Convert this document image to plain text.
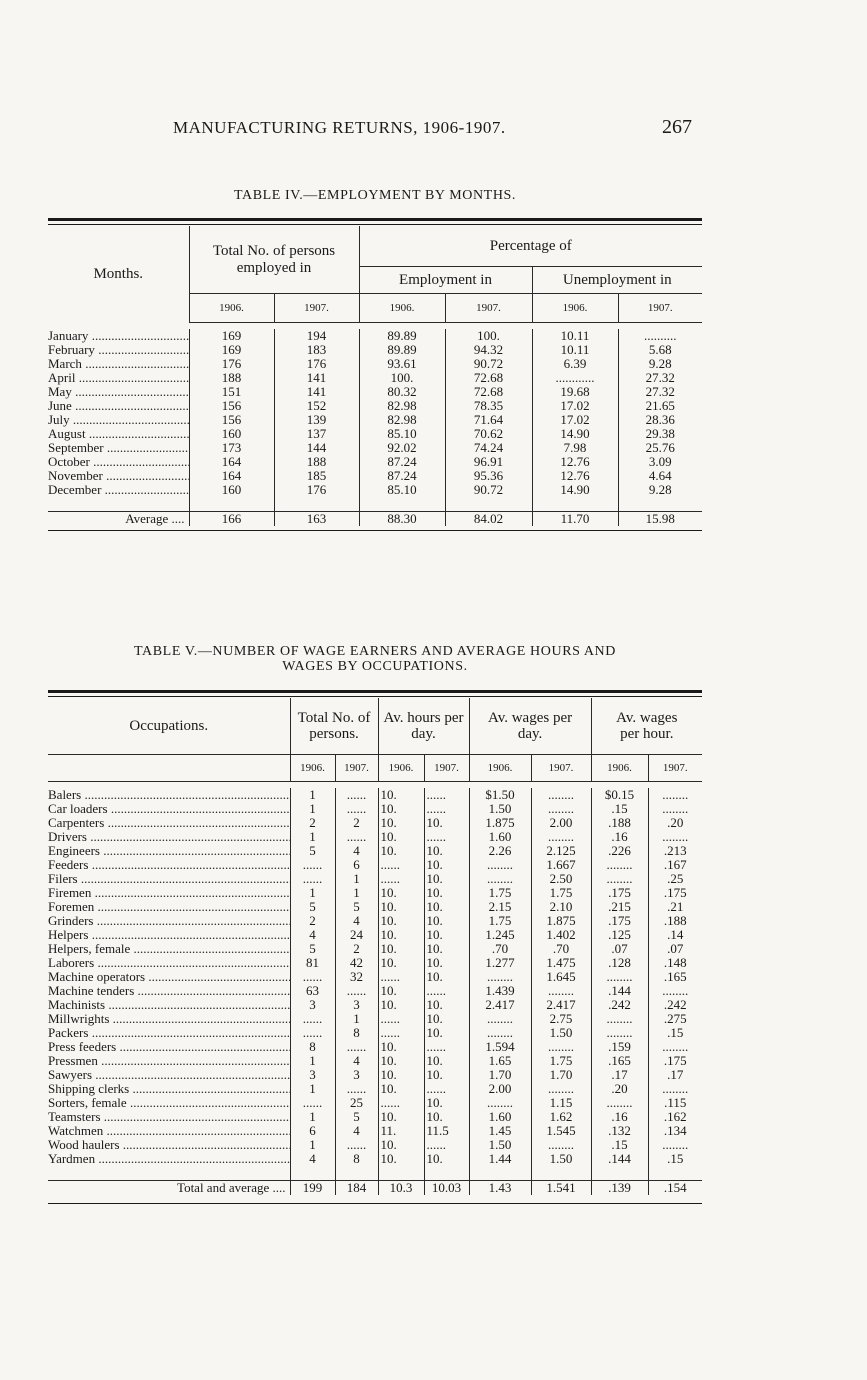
MANUFACTURING RETURNS, 1906-1907.	267
TABLE IV.—EMPLOYMENT BY MONTHS.
Months.	Total No. of persons employed in		Percentage of			
			Employment in		Unemployment in	
	1906.	1907.	1906.	1907.	1906.	1907.

January .....	169	194	89.89	100.	10.11	..........
February .....	169	183	89.89	94.32	10.11	5.68
March .....	176	176	93.61	90.72	6.39	9.28
April .....	188	141	100.	72.68	............	27.32
May .....	151	141	80.32	72.68	19.68	27.32
June .....	156	152	82.98	78.35	17.02	21.65
July .....	156	139	82.98	71.64	17.02	28.36
August .....	160	137	85.10	70.62	14.90	29.38
September .....	173	144	92.02	74.24	7.98	25.76
October .....	164	188	87.24	96.91	12.76	3.09
November .....	164	185	87.24	95.36	12.76	4.64
December .....	160	176	85.10	90.72	14.90	9.28

Average ....	166	163	88.30	84.02	11.70	15.98

TABLE V.—NUMBER OF WAGE EARNERS AND AVERAGE HOURS AND
WAGES BY OCCUPATIONS.
Occupations.	Total No. of persons.		Av. hours per day.		Av. wages per day.		Av. wages per hour.	
	1906.	1907.	1906.	1907.	1906.	1907.	1906.	1907.

Balers .....	1	......	10.	......	$1.50	........	$0.15	........
Car loaders .....	1	......	10.	......	1.50	........	.15	........
Carpenters .....	2	2	10.	10.	1.875	2.00	.188	.20
Drivers .....	1	......	10.	......	1.60	........	.16	........
Engineers .....	5	4	10.	10.	2.26	2.125	.226	.213
Feeders .....	......	6	......	10.	........	1.667	........	.167
Filers .....	......	1	......	10.	........	2.50	........	.25
Firemen .....	1	1	10.	10.	1.75	1.75	.175	.175
Foremen .....	5	5	10.	10.	2.15	2.10	.215	.21
Grinders .....	2	4	10.	10.	1.75	1.875	.175	.188
Helpers .....	4	24	10.	10.	1.245	1.402	.125	.14
Helpers, female .....	5	2	10.	10.	.70	.70	.07	.07
Laborers .....	81	42	10.	10.	1.277	1.475	.128	.148
Machine operators .....	......	32	......	10.	........	1.645	........	.165
Machine tenders .....	63	......	10.	......	1.439	........	.144	........
Machinists .....	3	3	10.	10.	2.417	2.417	.242	.242
Millwrights .....	......	1	......	10.	........	2.75	........	.275
Packers .....	......	8	......	10.	........	1.50	........	.15
Press feeders .....	8	......	10.	......	1.594	........	.159	........
Pressmen .....	1	4	10.	10.	1.65	1.75	.165	.175
Sawyers .....	3	3	10.	10.	1.70	1.70	.17	.17
Shipping clerks .....	1	......	10.	......	2.00	........	.20	........
Sorters, female .....	......	25	......	10.	........	1.15	........	.115
Teamsters .....	1	5	10.	10.	1.60	1.62	.16	.162
Watchmen .....	6	4	11.	11.5	1.45	1.545	.132	.134
Wood haulers .....	1	......	10.	......	1.50	........	.15	........
Yardmen .....	4	8	10.	10.	1.44	1.50	.144	.15

Total and average ....	199	184	10.3	10.03	1.43	1.541	.139	.154
